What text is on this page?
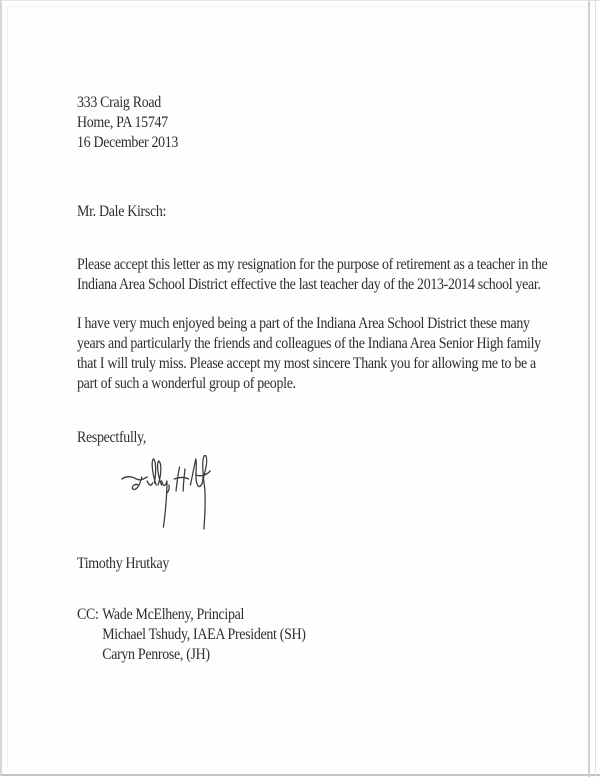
333 Craig Road
Home, PA 15747
16 December 2013
Mr. Dale Kirsch:
Please accept this letter as my resignation for the purpose of retirement as a teacher in the
Indiana Area School District effective the last teacher day of the 2013-2014 school year.
I have very much enjoyed being a part of the Indiana Area School District these many
years and particularly the friends and colleagues of the Indiana Area Senior High family
that I will truly miss. Please accept my most sincere Thank you for allowing me to be a
part of such a wonderful group of people.
Respectfully,
Timothy Hrutkay
CC: Wade McElheny, Principal
Michael Tshudy, IAEA President (SH)
Caryn Penrose, (JH)
